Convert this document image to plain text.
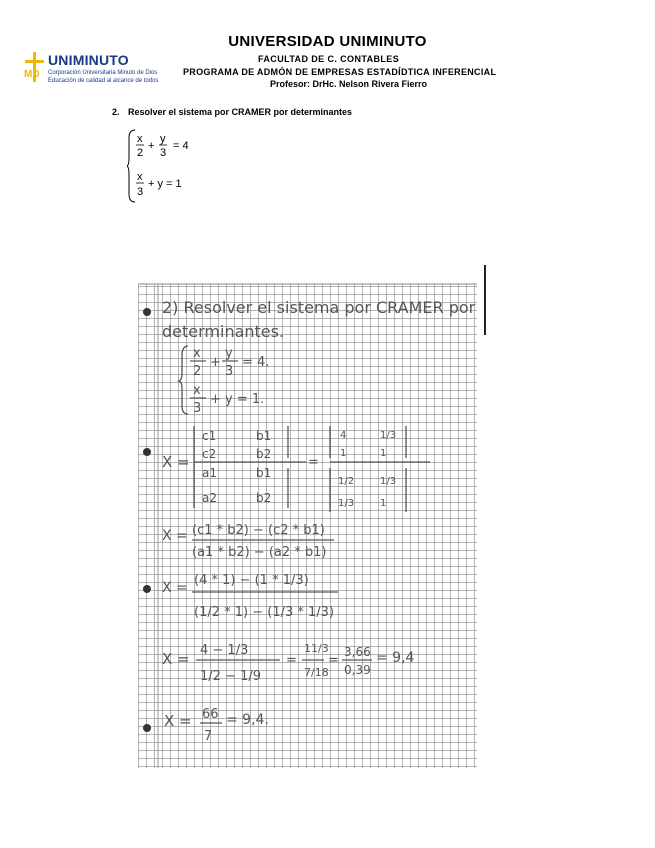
MD
UNIMINUTO
Corporación Universitaria Minuto de Dios
Educación de calidad al alcance de todos
UNIVERSIDAD UNIMINUTO
FACULTAD DE C. CONTABLES
PROGRAMA DE ADMÓN DE EMPRESAS ESTADÍDTICA INFERENCIAL
Profesor: DrHc. Nelson Rivera Fierro
2. Resolver el sistema por CRAMER por determinantes
x
2
+
y
3
= 4
x
3
+ y = 1
2) Resolver el sistema por CRAMER por
determinantes.
x
2
+
y
3
= 4.
x
3
+ y = 1.
X =
c1	b1
c2	b2
a1	b1
a2	b2
=
4	1/3
1	1
1/2	1/3
1/3	1
X = (c1 * b2) − (c2 * b1)
(a1 * b2) − (a2 * b1)
X = (4 * 1) − (1 * 1/3)
(1/2 * 1) − (1/3 * 1/3)
X = 4 − 1/3
1/2 − 1/9
=
11/3
7/18
=
3,66
0,39
= 9,4
X = 66
7
= 9,4.
